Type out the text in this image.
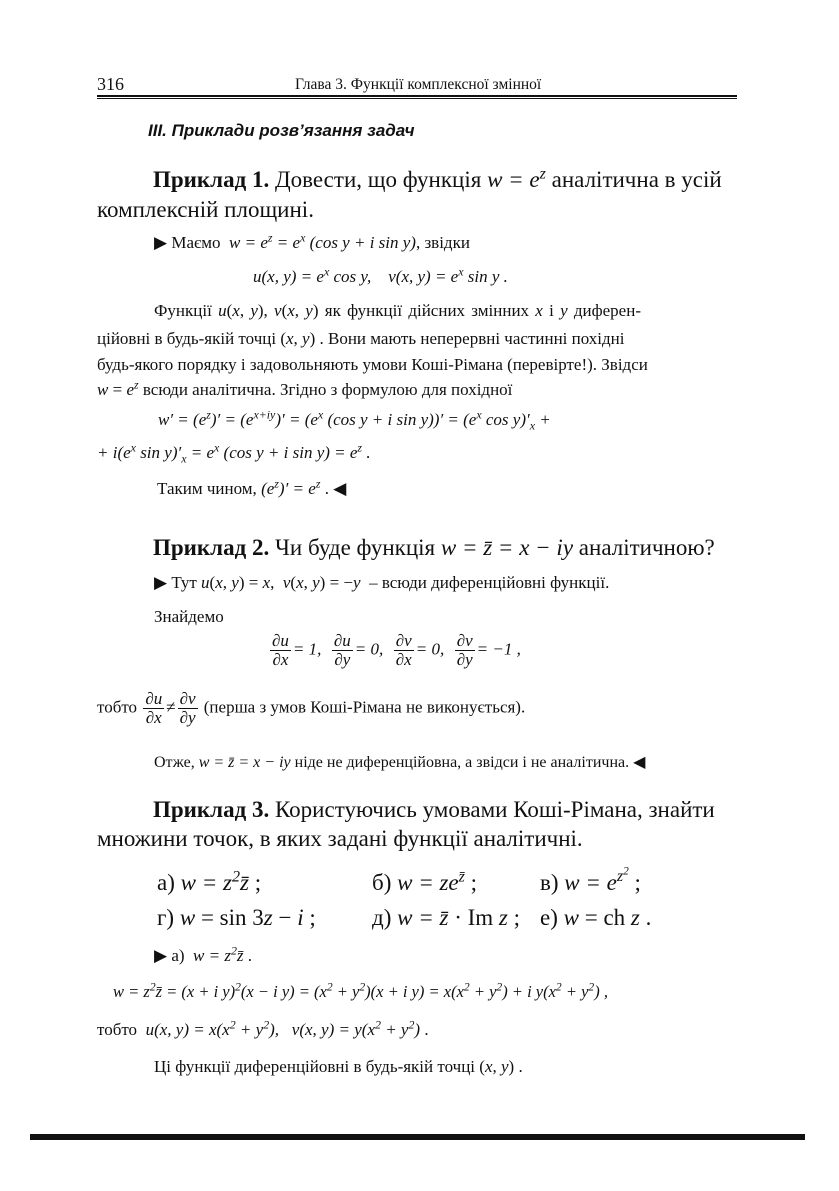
316	Глава 3. Функції комплексної змінної
III. Приклади розв’язання задач
Приклад 1. Довести, що функція $w = e^z$ аналітична в усій
комплексній площині.
▶ Маємо $w = e^z = e^x$ (cos y + i sin y), звідки
u(x, $y) = e^x$ cos y,    v(x, $y) = e^x$ sin y .
Функції u(x, y), v(x, y) як функції дійсних змінних x і y диферен-
ційовні в будь-якій точці (x, y) . Вони мають неперервні частинні похідні
будь-якого порядку і задовольняють умови Коші-Рімана (перевірте!). Звідси
$w = e^z$ всюди аналітична. Згідно з формулою для похідної
$w' = (e^z)' = (e^{x+iy})' = (e^x$ (cos y + i $\sin y))' = (e^x$ $\cos y)'_x$ +
+ $i(e^x$ $\sin y)'_x = e^x$ (cos y + i $\sin y) = e^z$ .
Таким чином, $(e^z)' = e^z$ . ◀
Приклад 2. Чи буде функція w = z̄ = x − iy аналітичною?
▶ Тут u(x, y) = x,  v(x, y) = −y  – всюди диференційовні функції.
Знайдемо
$\frac{\partial u}{\partial x} = 1$, $\frac{\partial u}{\partial y} = 0$, $\frac{\partial v}{\partial x} = 0$, $\frac{\partial v}{\partial y} = -1$ ,
тобто $\frac{\partial u}{\partial x} \ne \frac{\partial v}{\partial y}$ (перша з умов Коші-Рімана не виконується).
Отже, w = z̄ = x − iy ніде не диференційовна, а звідси і не аналітична. ◀
Приклад 3. Користуючись умовами Коші-Рімана, знайти
множини точок, в яких задані функції аналітичні.
а) $w = z^2z̄$ ;	б) $w = ze^{z̄}$ ;	в) $w = e^{z^2}$ ;
г) w = sin 3z − i ; д) w = z̄ · Im z ; е) w = ch z .
▶ а)  $w = z^2z̄$ .
$w = z^2z̄ = (x + i$ y)$^2$(x − i $y) = (x^2 + y^2)(x + i$ $y) = x(x^2 + y^2) + i$ $y(x^2 + y^2)$ ,
тобто  u(x, $y) = x(x^2 + y^2)$,   v(x, $y) = y(x^2 + y^2)$ .
Ці функції диференційовні в будь-якій точці (x, y) .
